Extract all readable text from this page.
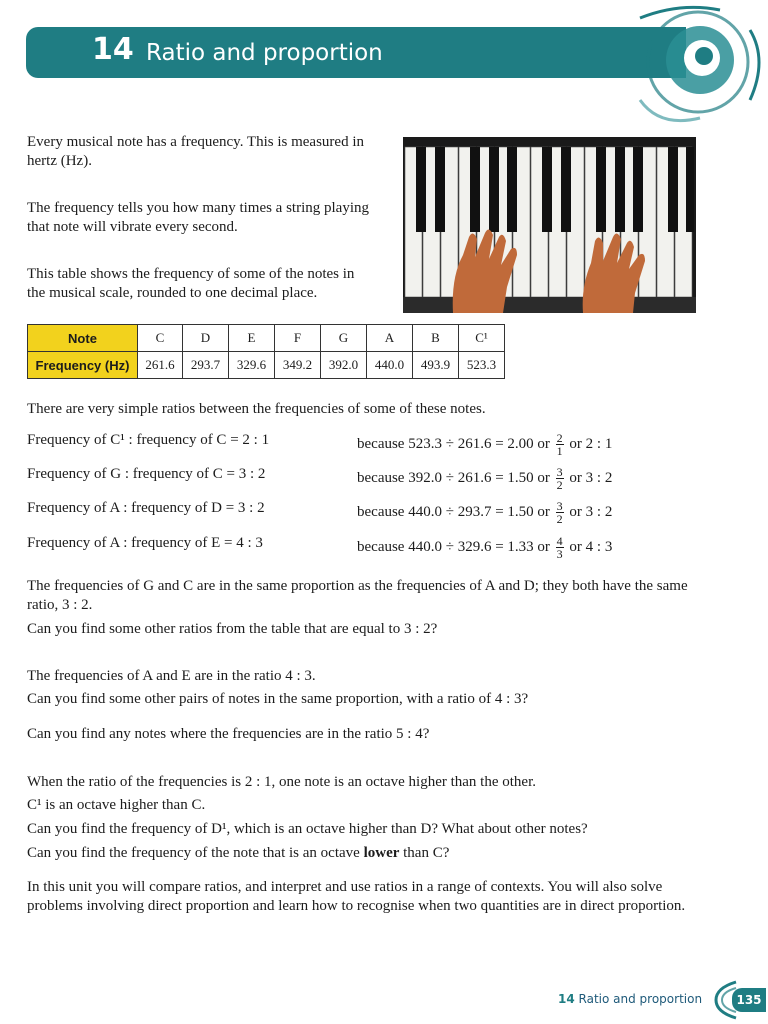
14 Ratio and proportion

Every musical note has a frequency. This is measured in hertz (Hz).

The frequency tells you how many times a string playing that note will vibrate every second.

This table shows the frequency of some of the notes in the musical scale, rounded to one decimal place.

Note	C	D	E	F	G	A	B	C¹
Frequency (Hz)	261.6	293.7	329.6	349.2	392.0	440.0	493.9	523.3

There are very simple ratios between the frequencies of some of these notes.

Frequency of C¹ : frequency of C = 2 : 1	because 523.3 ÷ 261.6 = 2.00 or $\frac{2}{1}$ or 2 : 1
Frequency of G : frequency of C = 3 : 2	because 392.0 ÷ 261.6 = 1.50 or $\frac{3}{2}$ or 3 : 2
Frequency of A : frequency of D = 3 : 2	because 440.0 ÷ 293.7 = 1.50 or $\frac{3}{2}$ or 3 : 2
Frequency of A : frequency of E = 4 : 3	because 440.0 ÷ 329.6 = 1.33 or $\frac{4}{3}$ or 4 : 3

The frequencies of G and C are in the same proportion as the frequencies of A and D; they both have the same ratio, 3 : 2.

Can you find some other ratios from the table that are equal to 3 : 2?

The frequencies of A and E are in the ratio 4 : 3.

Can you find some other pairs of notes in the same proportion, with a ratio of 4 : 3?

Can you find any notes where the frequencies are in the ratio 5 : 4?

When the ratio of the frequencies is 2 : 1, one note is an octave higher than the other.

C¹ is an octave higher than C.

Can you find the frequency of D¹, which is an octave higher than D? What about other notes?

Can you find the frequency of the note that is an octave lower than C?

In this unit you will compare ratios, and interpret and use ratios in a range of contexts. You will also solve problems involving direct proportion and learn how to recognise when two quantities are in direct proportion.

14 Ratio and proportion	135
